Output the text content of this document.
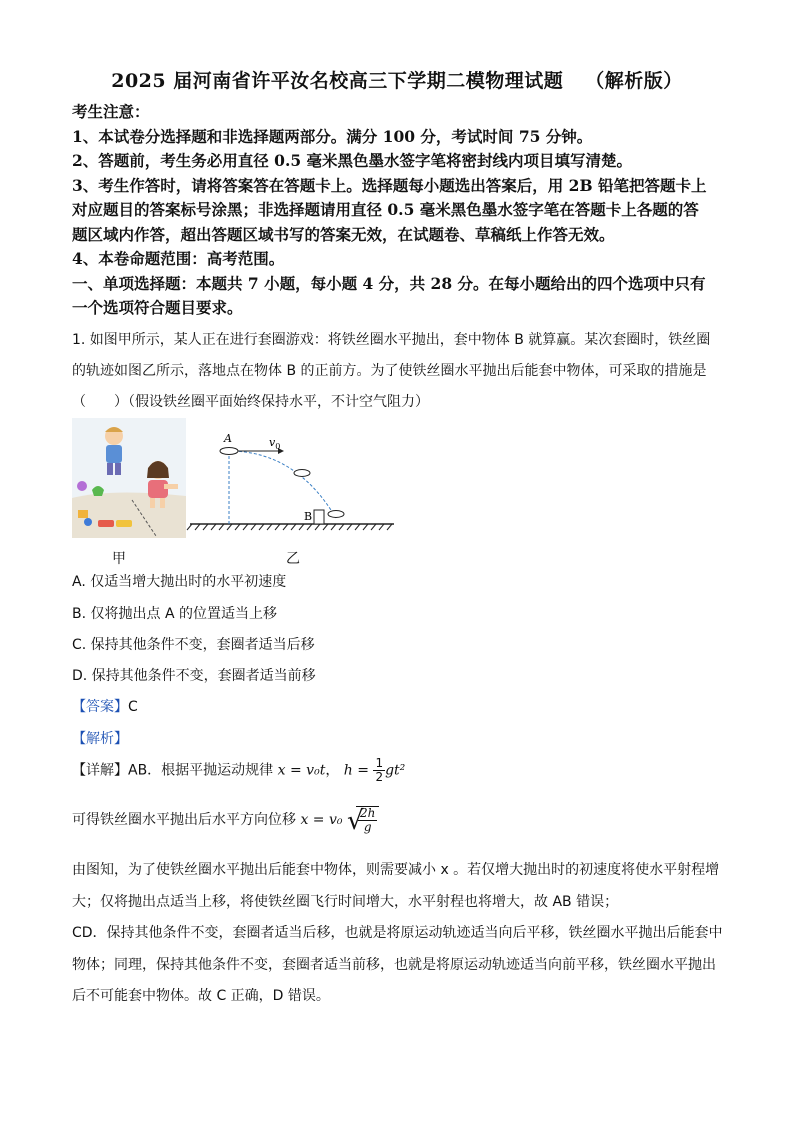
2025 届河南省许平汝名校高三下学期二模物理试题 （解析版）
考生注意：
1、本试卷分选择题和非选择题两部分。满分 100 分，考试时间 75 分钟。
2、答题前，考生务必用直径 0.5 毫米黑色墨水签字笔将密封线内项目填写清楚。
3、考生作答时，请将答案答在答题卡上。选择题每小题选出答案后，用 2B 铅笔把答题卡上
对应题目的答案标号涂黑；非选择题请用直径 0.5 毫米黑色墨水签字笔在答题卡上各题的答
题区域内作答，超出答题区域书写的答案无效，在试题卷、草稿纸上作答无效。
4、本卷命题范围：高考范围。
一、单项选择题：本题共 7 小题，每小题 4 分，共 28 分。在每小题给出的四个选项中只有
一个选项符合题目要求。
1. 如图甲所示，某人正在进行套圈游戏：将铁丝圈水平抛出，套中物体 B 就算赢。某次套圈时，铁丝圈
的轨迹如图乙所示，落地点在物体 B 的正前方。为了使铁丝圈水平抛出后能套中物体，可采取的措施是
（　　）（假设铁丝圈平面始终保持水平，不计空气阻力）
A
B
$v_0$
甲	乙
A. 仅适当增大抛出时的水平初速度
B. 仅将抛出点 A 的位置适当上移
C. 保持其他条件不变，套圈者适当后移
D. 保持其他条件不变，套圈者适当前移
【答案】C
【解析】
【详解】AB．根据平抛运动规律 x = v₀t， $h = \frac{1}{2} gt^2$
可得铁丝圈水平抛出后水平方向位移 x = v₀ √
$\frac{2h}{g}$
由图知，为了使铁丝圈水平抛出后能套中物体，则需要减小 x 。若仅增大抛出时的初速度将使水平射程增
大；仅将抛出点适当上移，将使铁丝圈飞行时间增大，水平射程也将增大，故 AB 错误；
CD．保持其他条件不变，套圈者适当后移，也就是将原运动轨迹适当向后平移，铁丝圈水平抛出后能套中
物体；同理，保持其他条件不变，套圈者适当前移，也就是将原运动轨迹适当向前平移，铁丝圈水平抛出
后不可能套中物体。故 C 正确，D 错误。
